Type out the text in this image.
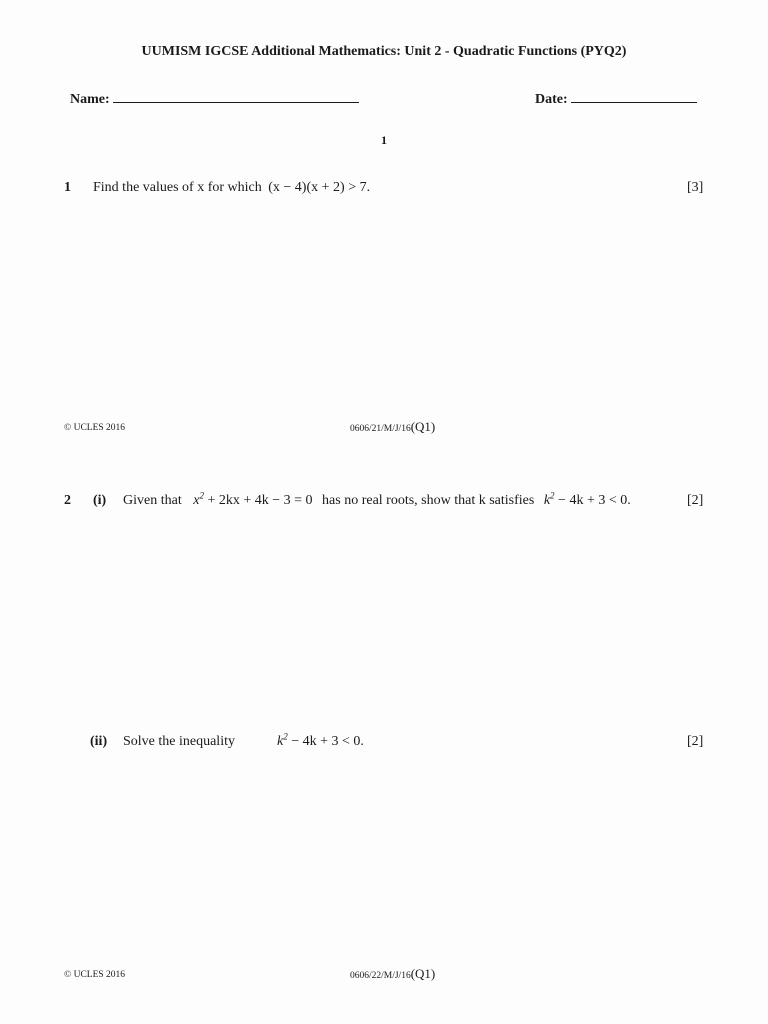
UUMISM IGCSE Additional Mathematics: Unit 2 - Quadratic Functions (PYQ2)
Name:	Date:
1
1 Find the values of x for which (x − 4)(x + 2) > 7.	[3]
© UCLES 2016	0606/21/M/J/16(Q1)
2 (i) Given that $x^2 + 2kx + 4k - 3 = 0$ has no real roots, show that k satisfies $k^2 - 4k + 3 < 0$.	[2]
(ii) Solve the inequality	$k^2 - 4k + 3 < 0$.	[2]
© UCLES 2016	0606/22/M/J/16(Q1)
